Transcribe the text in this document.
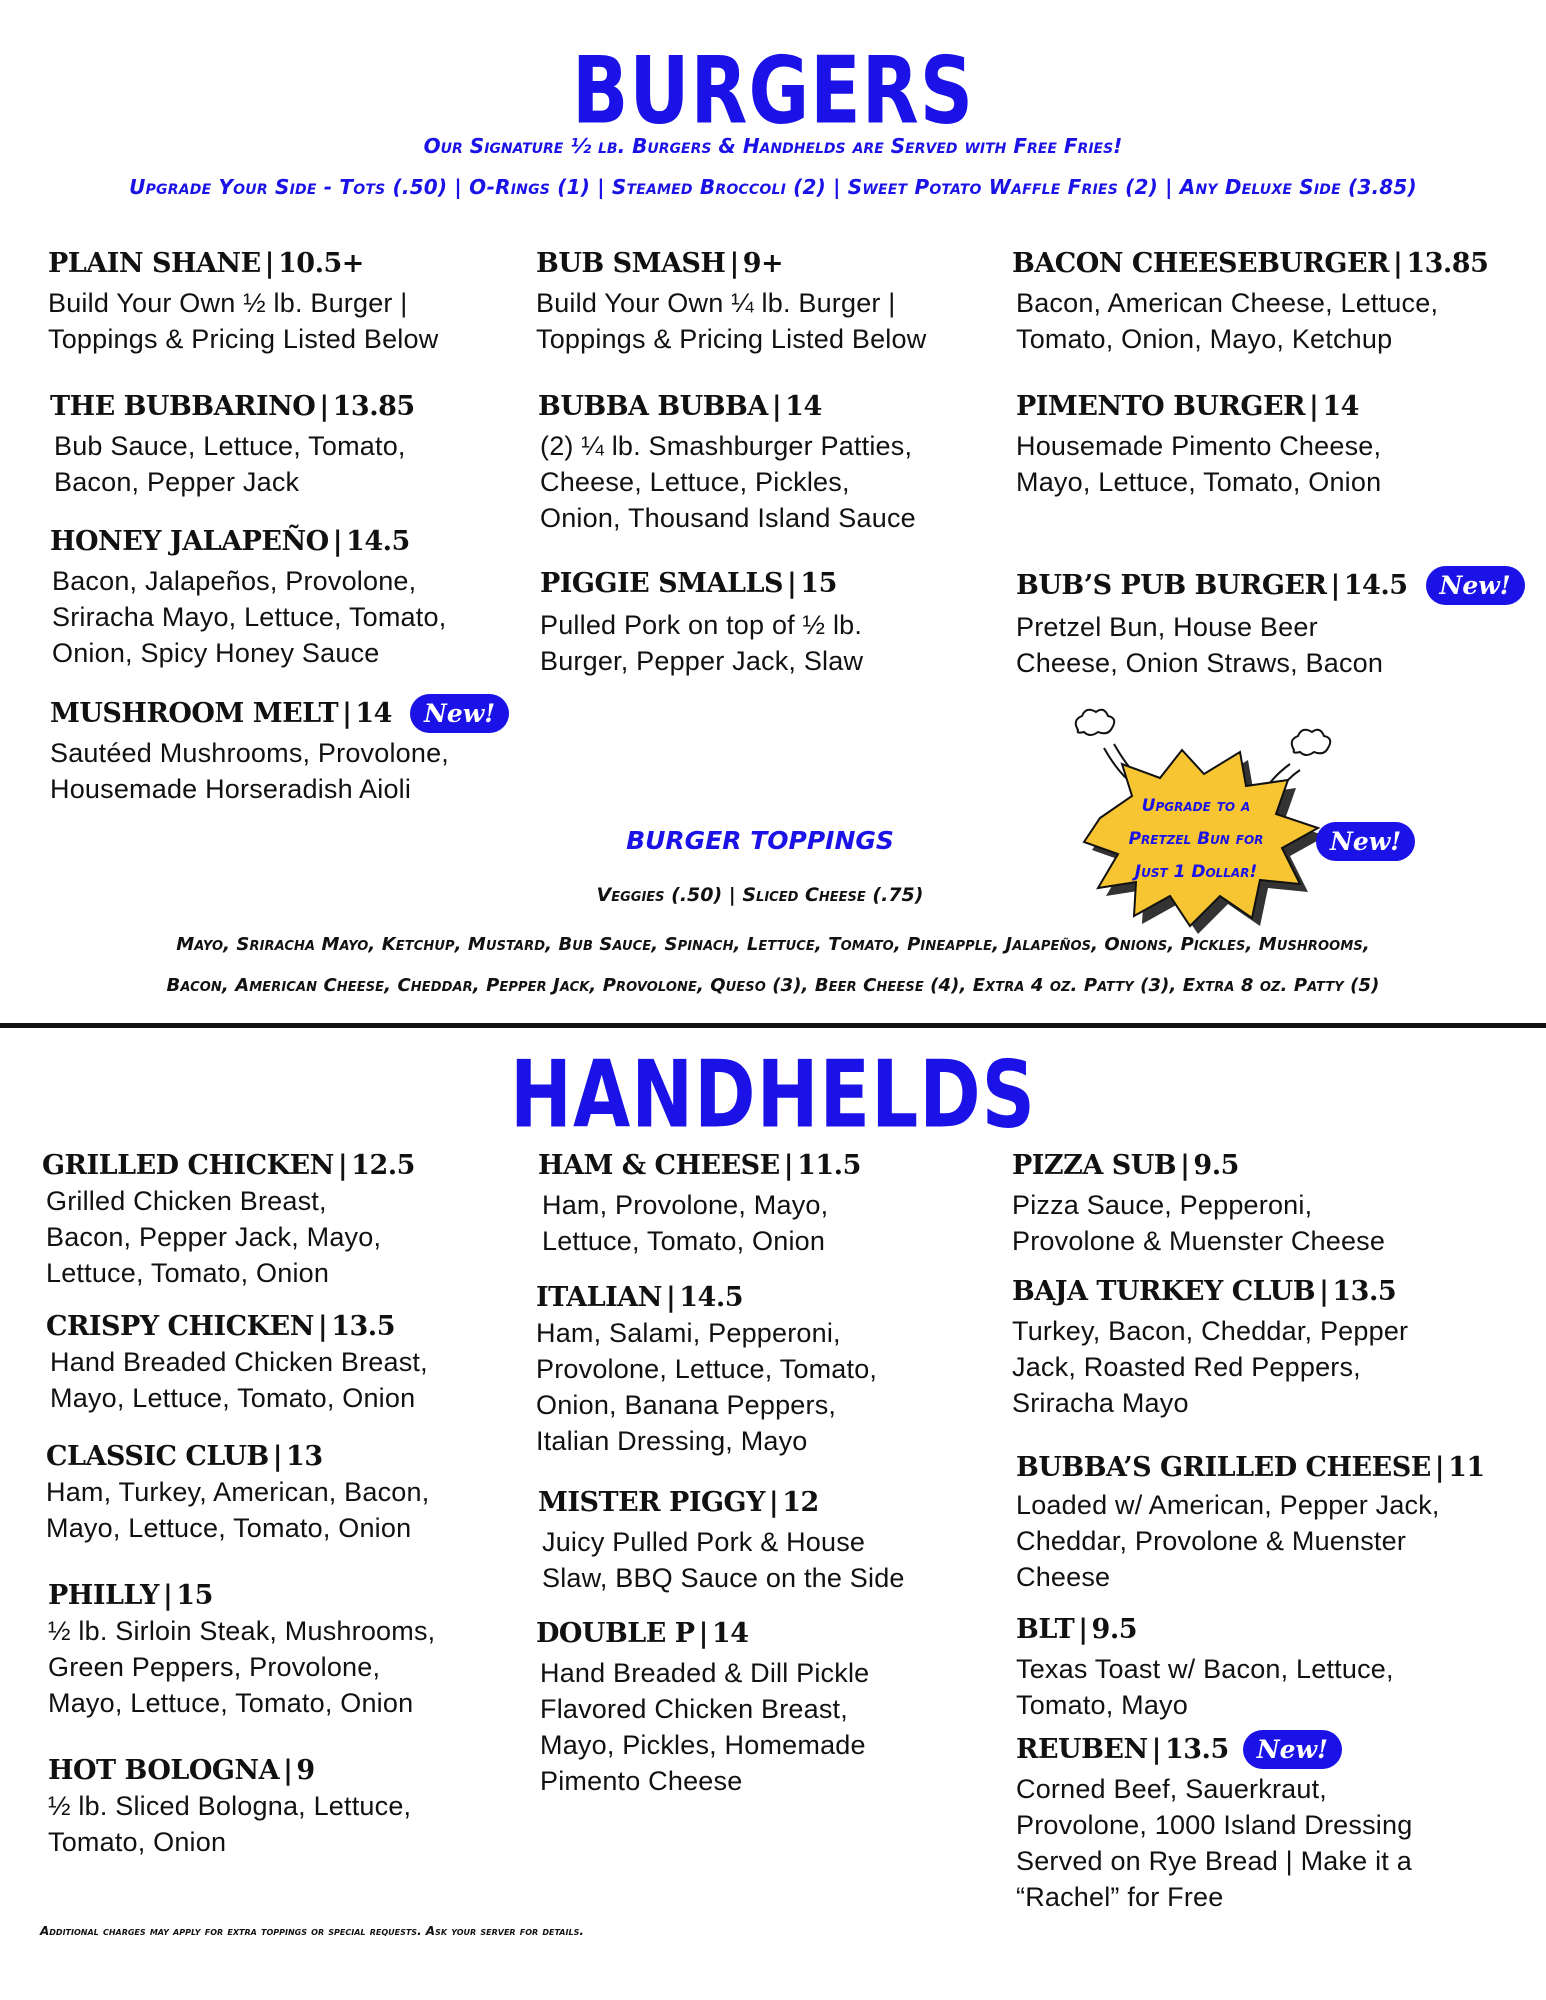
BURGERS
Our Signature ½ lb. Burgers & Handhelds are Served with Free Fries!
Upgrade Your Side - Tots (.50) | O-Rings (1) | Steamed Broccoli (2) | Sweet Potato Waffle Fries (2) | Any Deluxe Side (3.85)
PLAIN SHANE | 10.5+
Build Your Own ½ lb. Burger |
Toppings & Pricing Listed Below
THE BUBBARINO | 13.85
Bub Sauce, Lettuce, Tomato,
Bacon, Pepper Jack
HONEY JALAPEÑO | 14.5
Bacon, Jalapeños, Provolone,
Sriracha Mayo, Lettuce, Tomato,
Onion, Spicy Honey Sauce
MUSHROOM MELT | 14	New!
Sautéed Mushrooms, Provolone,
Housemade Horseradish Aioli
BUB SMASH | 9+
Build Your Own ¼ lb. Burger |
Toppings & Pricing Listed Below
BUBBA BUBBA | 14
(2) ¼ lb. Smashburger Patties,
Cheese, Lettuce, Pickles,
Onion, Thousand Island Sauce
PIGGIE SMALLS | 15
Pulled Pork on top of ½ lb.
Burger, Pepper Jack, Slaw
BACON CHEESEBURGER | 13.85
Bacon, American Cheese, Lettuce,
Tomato, Onion, Mayo, Ketchup
PIMENTO BURGER | 14
Housemade Pimento Cheese,
Mayo, Lettuce, Tomato, Onion
BUB’S PUB BURGER | 14.5	New!
Pretzel Bun, House Beer
Cheese, Onion Straws, Bacon
Upgrade to a
Pretzel Bun for
Just 1 Dollar!
New!
BURGER TOPPINGS
Veggies (.50) | Sliced Cheese (.75)
Mayo, Sriracha Mayo, Ketchup, Mustard, Bub Sauce, Spinach, Lettuce, Tomato, Pineapple, Jalapeños, Onions, Pickles, Mushrooms,
Bacon, American Cheese, Cheddar, Pepper Jack, Provolone, Queso (3), Beer Cheese (4), Extra 4 oz. Patty (3), Extra 8 oz. Patty (5)
HANDHELDS
GRILLED CHICKEN | 12.5
Grilled Chicken Breast,
Bacon, Pepper Jack, Mayo,
Lettuce, Tomato, Onion
CRISPY CHICKEN | 13.5
Hand Breaded Chicken Breast,
Mayo, Lettuce, Tomato, Onion
CLASSIC CLUB | 13
Ham, Turkey, American, Bacon,
Mayo, Lettuce, Tomato, Onion
PHILLY | 15
½ lb. Sirloin Steak, Mushrooms,
Green Peppers, Provolone,
Mayo, Lettuce, Tomato, Onion
HOT BOLOGNA | 9
½ lb. Sliced Bologna, Lettuce,
Tomato, Onion
HAM & CHEESE | 11.5
Ham, Provolone, Mayo,
Lettuce, Tomato, Onion
ITALIAN | 14.5
Ham, Salami, Pepperoni,
Provolone, Lettuce, Tomato,
Onion, Banana Peppers,
Italian Dressing, Mayo
MISTER PIGGY | 12
Juicy Pulled Pork & House
Slaw, BBQ Sauce on the Side
DOUBLE P | 14
Hand Breaded & Dill Pickle
Flavored Chicken Breast,
Mayo, Pickles, Homemade
Pimento Cheese
PIZZA SUB | 9.5
Pizza Sauce, Pepperoni,
Provolone & Muenster Cheese
BAJA TURKEY CLUB | 13.5
Turkey, Bacon, Cheddar, Pepper
Jack, Roasted Red Peppers,
Sriracha Mayo
BUBBA’S GRILLED CHEESE | 11
Loaded w/ American, Pepper Jack,
Cheddar, Provolone & Muenster
Cheese
BLT | 9.5
Texas Toast w/ Bacon, Lettuce,
Tomato, Mayo
REUBEN | 13.5	New!
Corned Beef, Sauerkraut,
Provolone, 1000 Island Dressing
Served on Rye Bread | Make it a
“Rachel” for Free
Additional charges may apply for extra toppings or special requests. Ask your server for details.
